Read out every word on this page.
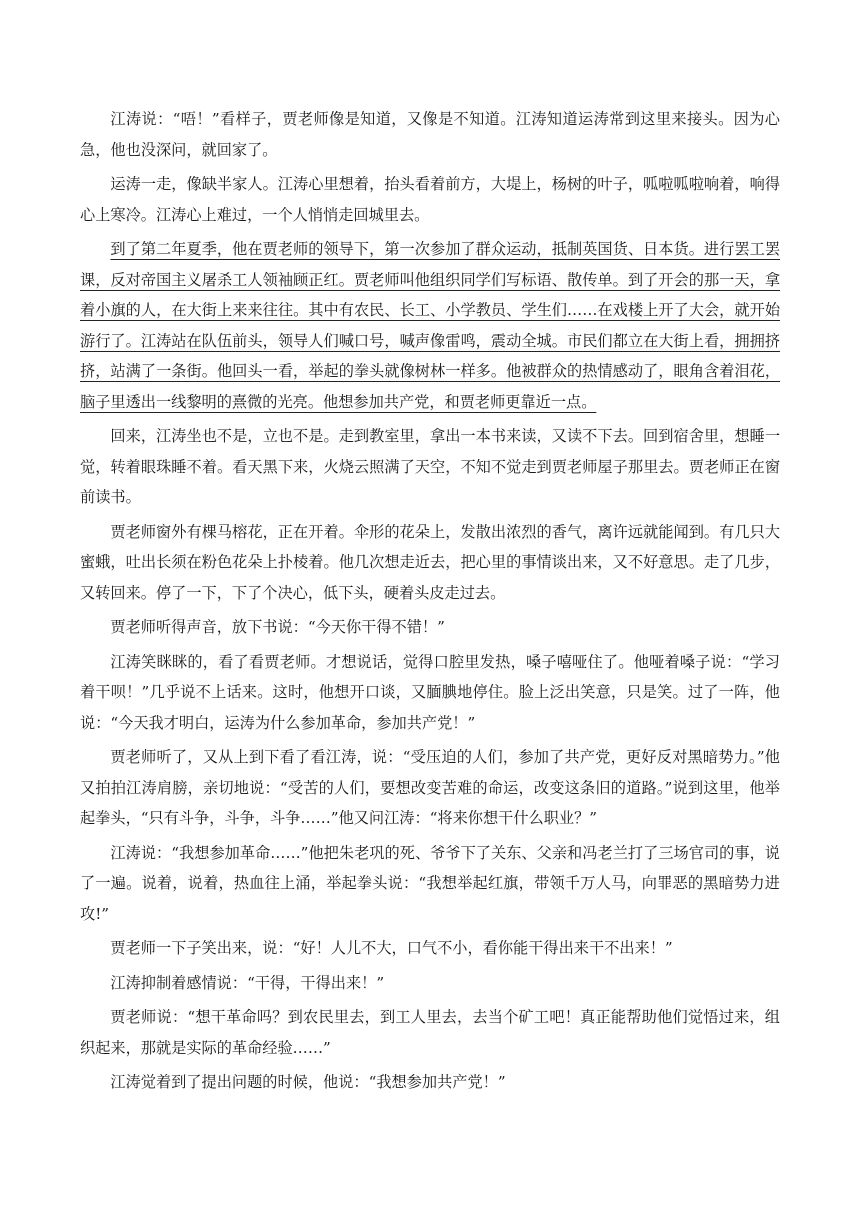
江涛说：“唔！”看样子，贾老师像是知道，又像是不知道。江涛知道运涛常到这里来接头。因为心急，他也没深问，就回家了。

运涛一走，像缺半家人。江涛心里想着，抬头看着前方，大堤上，杨树的叶子，呱啦呱啦响着，响得心上寒冷。江涛心上难过，一个人悄悄走回城里去。

到了第二年夏季，他在贾老师的领导下，第一次参加了群众运动，抵制英国货、日本货。进行罢工罢课，反对帝国主义屠杀工人领袖顾正红。贾老师叫他组织同学们写标语、散传单。到了开会的那一天，拿着小旗的人，在大街上来来往往。其中有农民、长工、小学教员、学生们……在戏楼上开了大会，就开始游行了。江涛站在队伍前头，领导人们喊口号，喊声像雷鸣，震动全城。市民们都立在大街上看，拥拥挤挤，站满了一条街。他回头一看，举起的拳头就像树林一样多。他被群众的热情感动了，眼角含着泪花，脑子里透出一线黎明的熹微的光亮。他想参加共产党，和贾老师更靠近一点。

回来，江涛坐也不是，立也不是。走到教室里，拿出一本书来读，又读不下去。回到宿舍里，想睡一觉，转着眼珠睡不着。看天黑下来，火烧云照满了天空，不知不觉走到贾老师屋子那里去。贾老师正在窗前读书。

贾老师窗外有棵马榕花，正在开着。伞形的花朵上，发散出浓烈的香气，离许远就能闻到。有几只大蜜蛾，吐出长须在粉色花朵上扑棱着。他几次想走近去，把心里的事情谈出来，又不好意思。走了几步，又转回来。停了一下，下了个决心，低下头，硬着头皮走过去。

贾老师听得声音，放下书说：“今天你干得不错！”

江涛笑眯眯的，看了看贾老师。才想说话，觉得口腔里发热，嗓子嘻哑住了。他哑着嗓子说：“学习着干呗！”几乎说不上话来。这时，他想开口谈，又腼腆地停住。脸上泛出笑意，只是笑。过了一阵，他说：“今天我才明白，运涛为什么参加革命，参加共产党！”

贾老师听了，又从上到下看了看江涛，说：“受压迫的人们，参加了共产党，更好反对黑暗势力。”他又拍拍江涛肩膀，亲切地说：“受苦的人们，要想改变苦难的命运，改变这条旧的道路。”说到这里，他举起拳头，“只有斗争，斗争，斗争……”他又问江涛：“将来你想干什么职业？”

江涛说：“我想参加革命……”他把朱老巩的死、爷爷下了关东、父亲和冯老兰打了三场官司的事，说了一遍。说着，说着，热血往上涌，举起拳头说：“我想举起红旗，带领千万人马，向罪恶的黑暗势力进攻!”

贾老师一下子笑出来，说：“好！人儿不大，口气不小，看你能干得出来干不出来！”

江涛抑制着感情说：“干得，干得出来！”

贾老师说：“想干革命吗？到农民里去，到工人里去，去当个矿工吧！真正能帮助他们觉悟过来，组织起来，那就是实际的革命经验……”

江涛觉着到了提出问题的时候，他说：“我想参加共产党！”
